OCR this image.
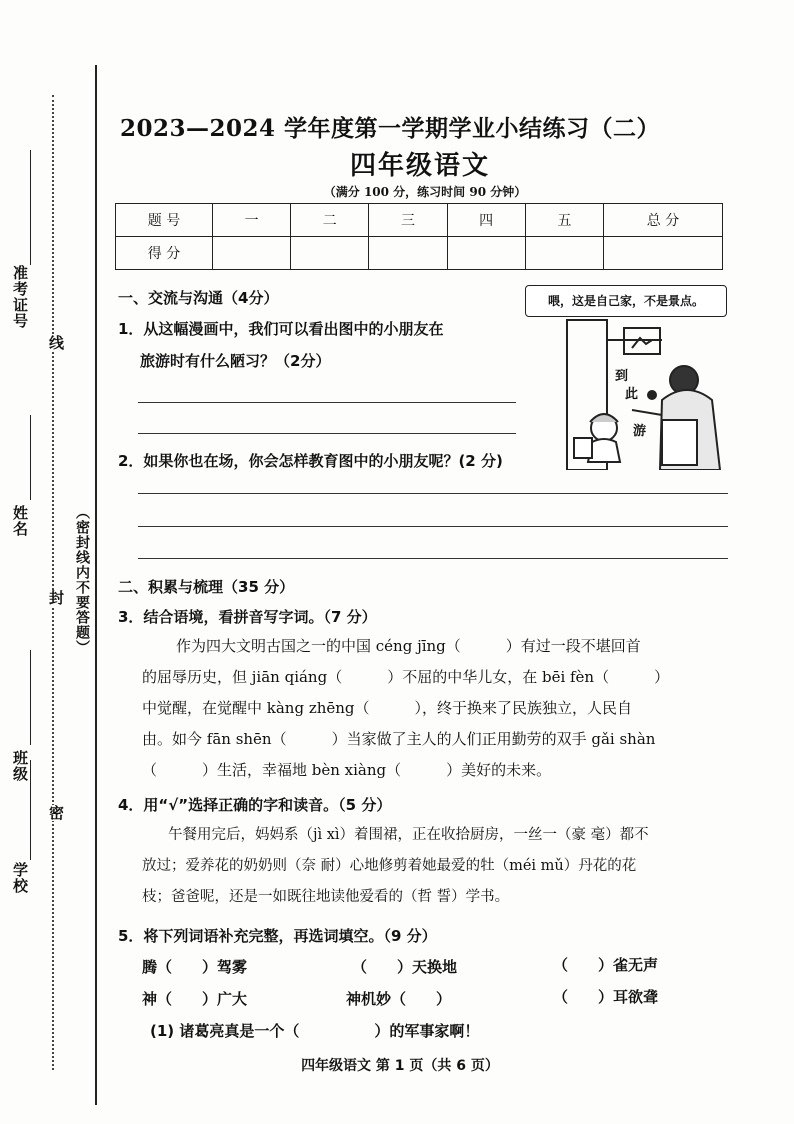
准考证号
线
姓名
封 （密封线内不要答题）
班级
密
学校
2023—2024 学年度第一学期学业小结练习（二）
四年级语文
（满分 100 分，练习时间 90 分钟）
题 号	一	二	三	四	五	总 分
得 分						
一、交流与沟通（4分）
1．从这幅漫画中，我们可以看出图中的小朋友在
旅游时有什么陋习？（2分）
喂，这是自己家，不是景点。
到
此
游
2．如果你也在场，你会怎样教育图中的小朋友呢？(2 分)
二、积累与梳理（35 分）
3．结合语境，看拼音写字词。（7 分）
作为四大文明古国之一的中国 céng jīng（　　　）有过一段不堪回首
的屈辱历史，但 jiān qiáng（　　　）不屈的中华儿女，在 bēi fèn（　　　）
中觉醒，在觉醒中 kàng zhēng（　　　），终于换来了民族独立，人民自
由。如今 fān shēn（　　　）当家做了主人的人们正用勤劳的双手 gǎi shàn
（　　　）生活，幸福地 bèn xiàng（　　　）美好的未来。
4．用“√”选择正确的字和读音。（5 分）
午餐用完后，妈妈系（jì xì）着围裙，正在收拾厨房，一丝一（豪 毫）都不
放过；爱养花的奶奶则（奈 耐）心地修剪着她最爱的牡（méi mǔ）丹花的花
枝；爸爸呢，还是一如既往地读他爱看的（哲 誓）学书。
5．将下列词语补充完整，再选词填空。（9 分）
腾（　　）驾雾	（　　）天换地	（　　）雀无声
神（　　）广大	神机妙（　　）	（　　）耳欲聋
(1) 诸葛亮真是一个（　　　　　）的军事家啊！
四年级语文 第 1 页（共 6 页）
